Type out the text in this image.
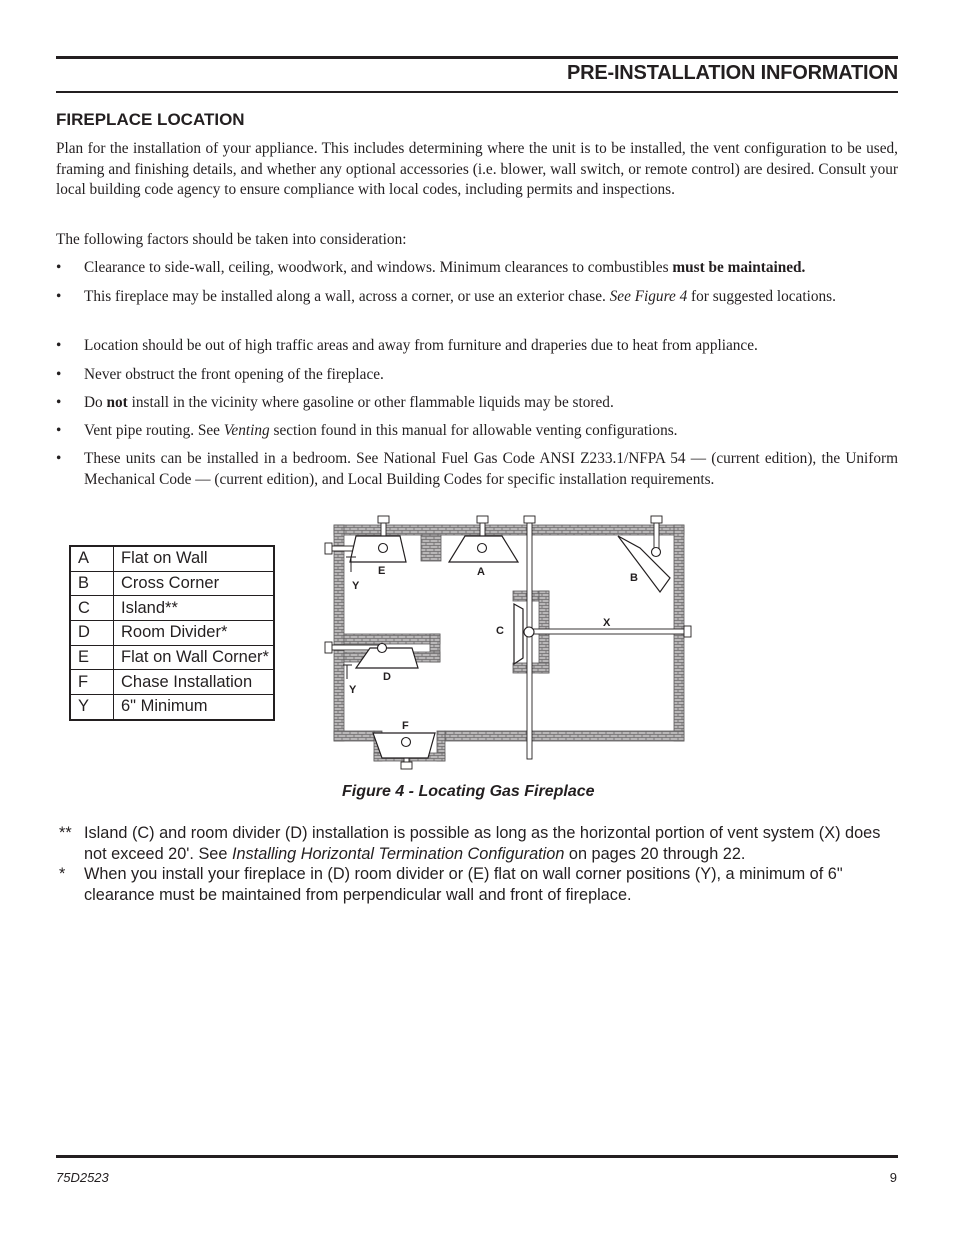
PRE-INSTALLATION INFORMATION
FIREPLACE LOCATION
Plan for the installation of your appliance. This includes determining where the unit is to be installed, the vent configuration to be used, framing and finishing details, and whether any optional accessories (i.e. blower, wall switch, or remote control) are desired. Consult your local building code agency to ensure compliance with local codes, including permits and inspections.
The following factors should be taken into consideration:
• Clearance to side-wall, ceiling, woodwork, and windows. Minimum clearances to combustibles must be maintained.
• This fireplace may be installed along a wall, across a corner, or use an exterior chase. See Figure 4 for suggested locations.
• Location should be out of high traffic areas and away from furniture and draperies due to heat from appliance.
• Never obstruct the front opening of the fireplace.
• Do not install in the vicinity where gasoline or other flammable liquids may be stored.
• Vent pipe routing. See Venting section found in this manual for allowable venting configurations.
• These units can be installed in a bedroom. See National Fuel Gas Code ANSI Z233.1/NFPA 54 — (current edition), the Uniform Mechanical Code — (current edition), and Local Building Codes for specific installation requirements.
A	Flat on Wall
B	Cross Corner
C	Island**
D	Room Divider*
E	Flat on Wall Corner*
F	Chase Installation
Y	6" Minimum
E	A	B
C
X
D
F
Y
Y
Figure 4 - Locating Gas Fireplace
** Island (C) and room divider (D) installation is possible as long as the horizontal portion of vent system (X) does not exceed 20'. See Installing Horizontal Termination Configuration on pages 20 through 22.
* When you install your fireplace in (D) room divider or (E) flat on wall corner positions (Y), a minimum of 6" clearance must be maintained from perpendicular wall and front of fireplace.
75D2523	9
